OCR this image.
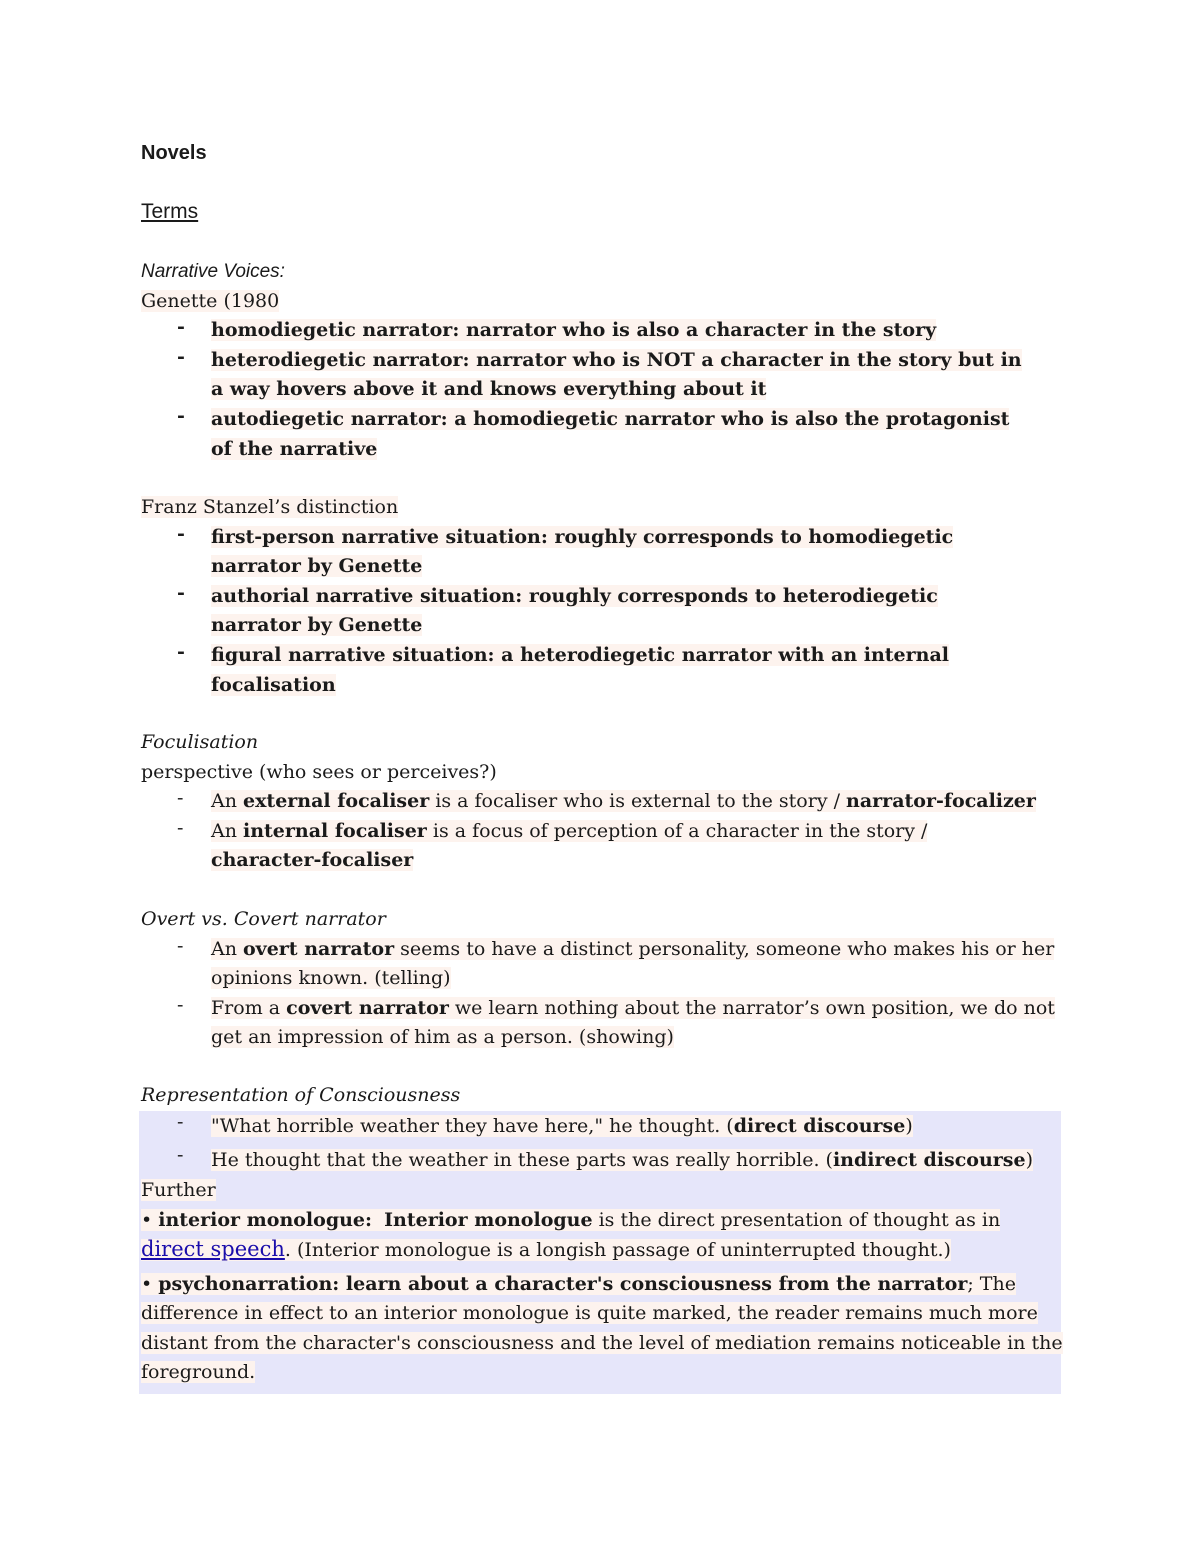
Novels
Terms
Narrative Voices:
Genette (1980
- homodiegetic narrator: narrator who is also a character in the story
- heterodiegetic narrator: narrator who is NOT a character in the story but in
a way hovers above it and knows everything about it
- autodiegetic narrator: a homodiegetic narrator who is also the protagonist
of the narrative
Franz Stanzel’s distinction
- first-person narrative situation: roughly corresponds to homodiegetic
narrator by Genette
- authorial narrative situation: roughly corresponds to heterodiegetic
narrator by Genette
- figural narrative situation: a heterodiegetic narrator with an internal
focalisation
Foculisation
perspective (who sees or perceives?)
- An external focaliser is a focaliser who is external to the story / narrator-focalizer
- An internal focaliser is a focus of perception of a character in the story /
character-focaliser
Overt vs. Covert narrator
- An overt narrator seems to have a distinct personality, someone who makes his or her
opinions known. (telling)
- From a covert narrator we learn nothing about the narrator’s own position, we do not
get an impression of him as a person. (showing)
Representation of Consciousness
- "What horrible weather they have here," he thought. (direct discourse)
- He thought that the weather in these parts was really horrible. (indirect discourse)
Further
• interior monologue: Interior monologue is the direct presentation of thought as in
direct speech. (Interior monologue is a longish passage of uninterrupted thought.)
• psychonarration: learn about a character's consciousness from the narrator; The
difference in effect to an interior monologue is quite marked, the reader remains much more
distant from the character's consciousness and the level of mediation remains noticeable in the
foreground.
